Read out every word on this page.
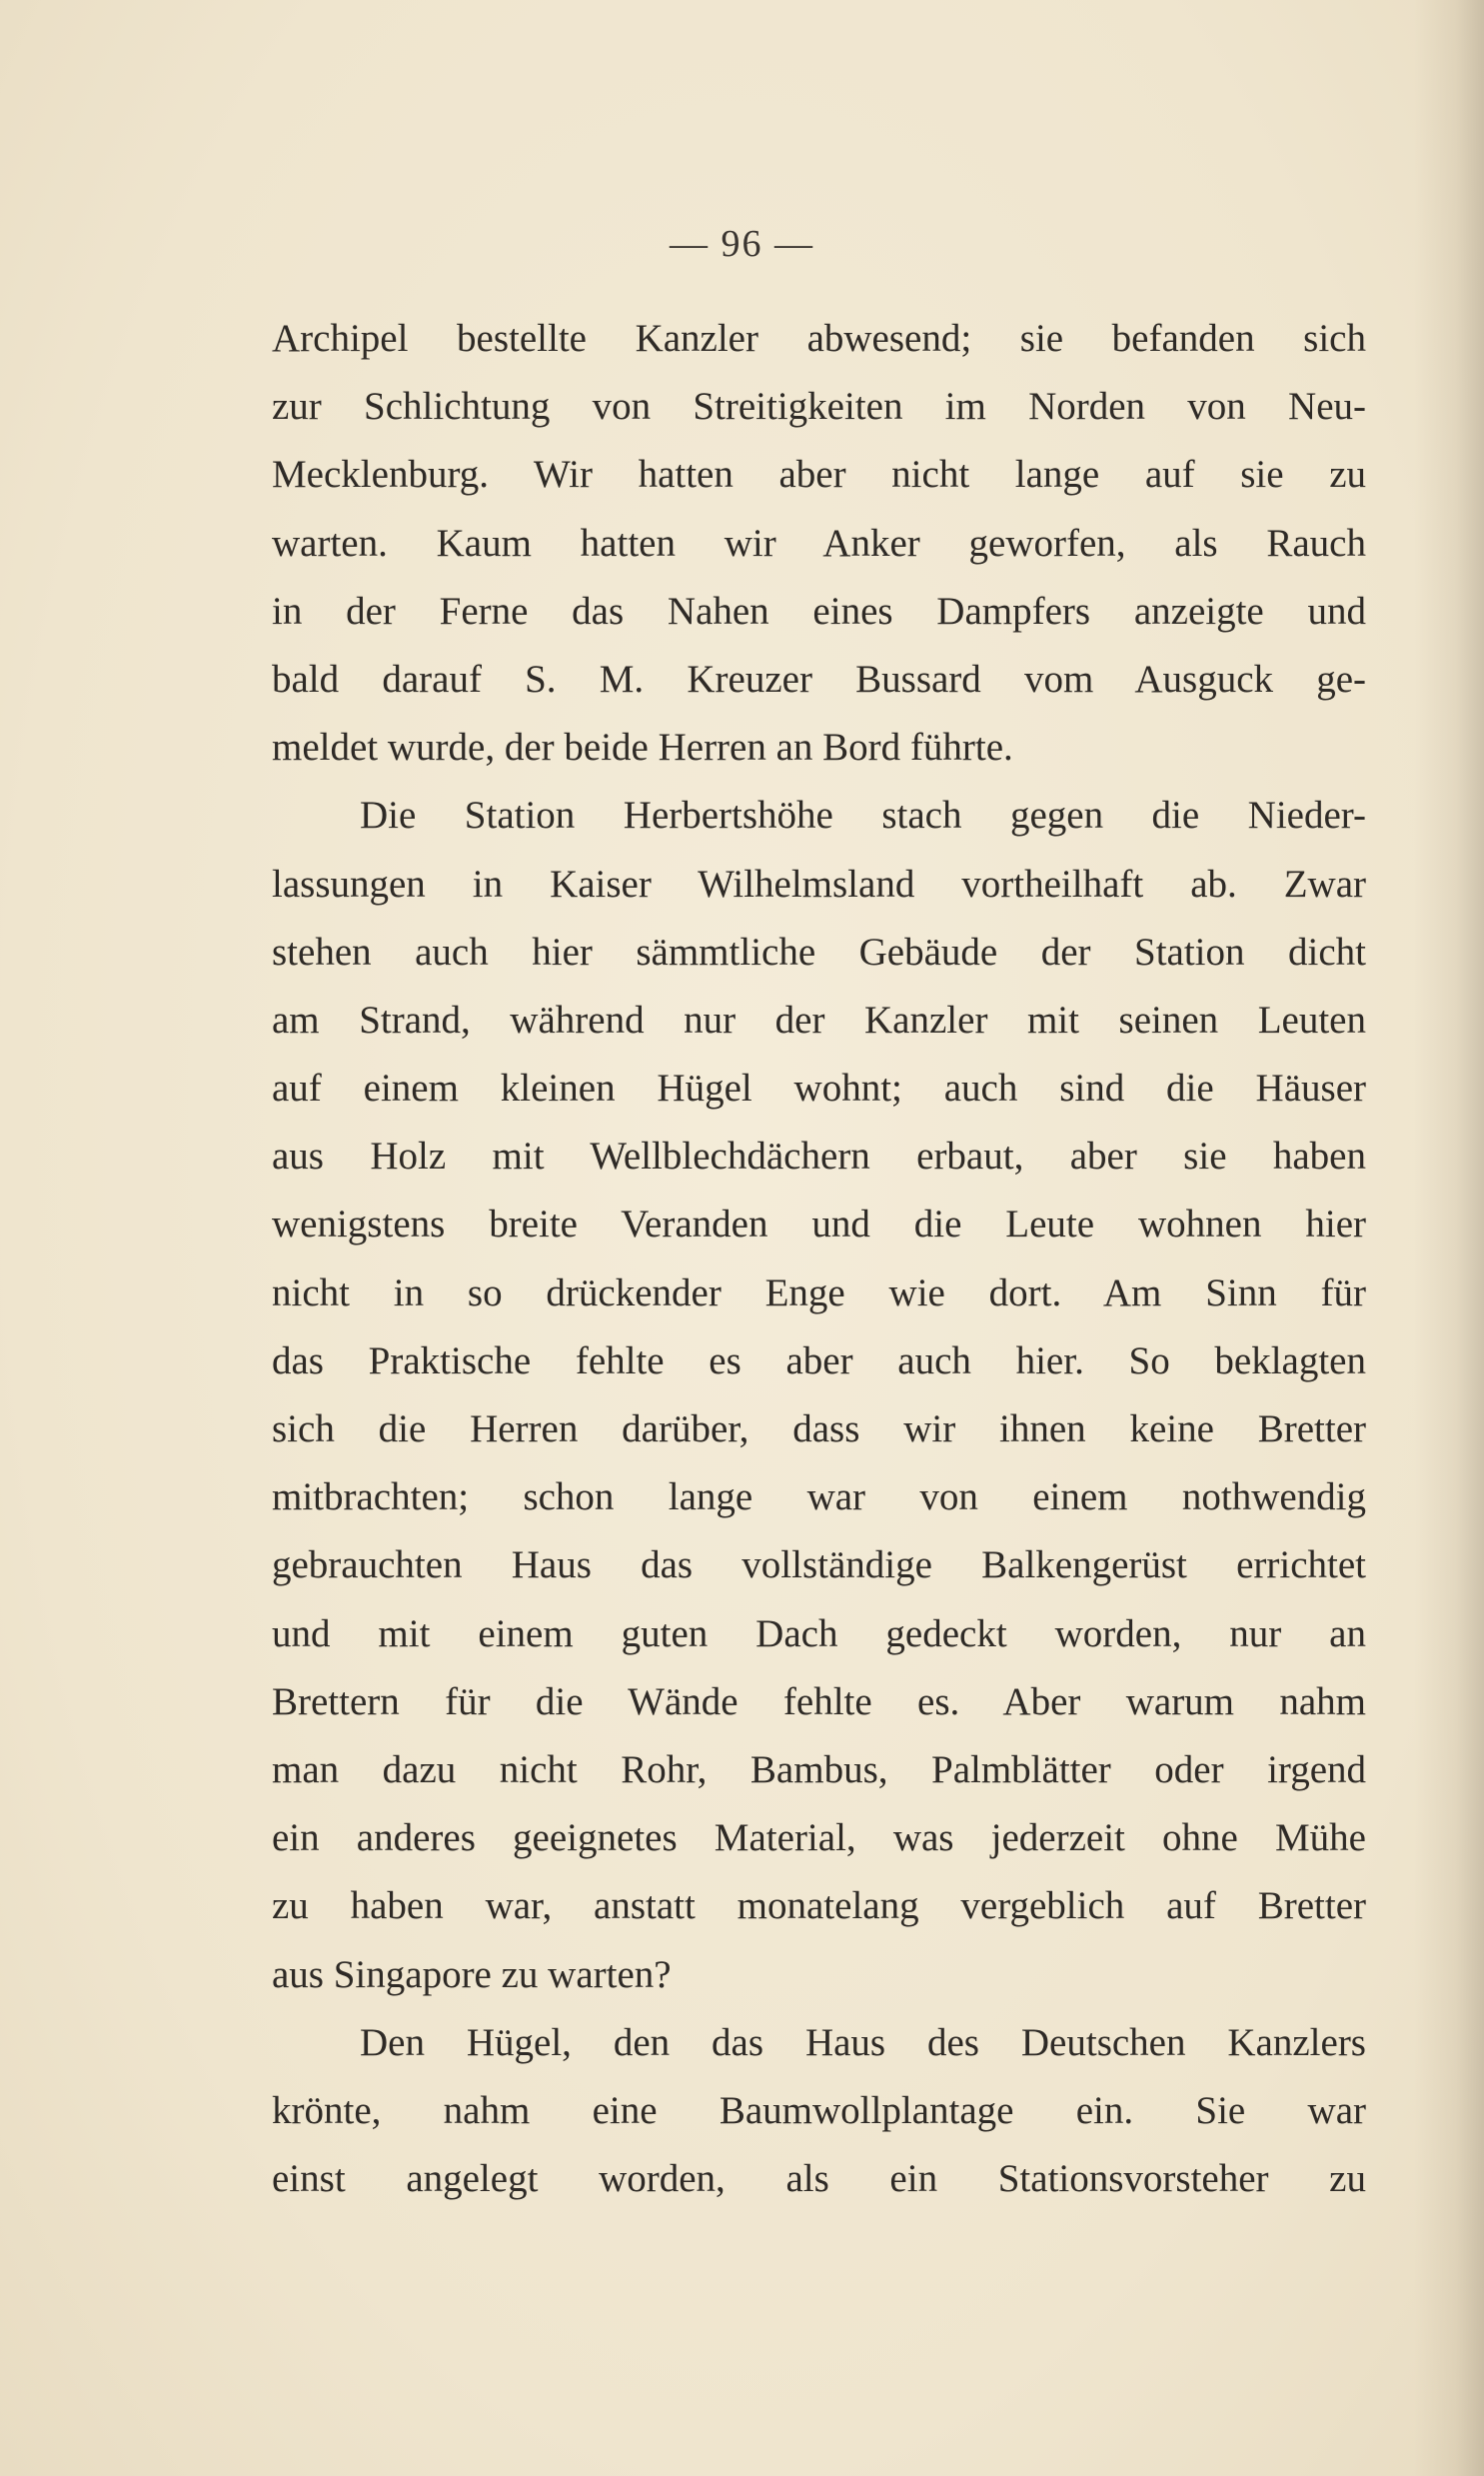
— 96 —
Archipel bestellte Kanzler abwesend; sie befanden sich
zur Schlichtung von Streitigkeiten im Norden von Neu-
Mecklenburg. Wir hatten aber nicht lange auf sie zu
warten. Kaum hatten wir Anker geworfen, als Rauch
in der Ferne das Nahen eines Dampfers anzeigte und
bald darauf S. M. Kreuzer Bussard vom Ausguck ge-
meldet wurde, der beide Herren an Bord führte.
Die Station Herbertshöhe stach gegen die Nieder-
lassungen in Kaiser Wilhelmsland vortheilhaft ab. Zwar
stehen auch hier sämmtliche Gebäude der Station dicht
am Strand, während nur der Kanzler mit seinen Leuten
auf einem kleinen Hügel wohnt; auch sind die Häuser
aus Holz mit Wellblechdächern erbaut, aber sie haben
wenigstens breite Veranden und die Leute wohnen hier
nicht in so drückender Enge wie dort. Am Sinn für
das Praktische fehlte es aber auch hier. So beklagten
sich die Herren darüber, dass wir ihnen keine Bretter
mitbrachten; schon lange war von einem nothwendig
gebrauchten Haus das vollständige Balkengerüst errichtet
und mit einem guten Dach gedeckt worden, nur an
Brettern für die Wände fehlte es. Aber warum nahm
man dazu nicht Rohr, Bambus, Palmblätter oder irgend
ein anderes geeignetes Material, was jederzeit ohne Mühe
zu haben war, anstatt monatelang vergeblich auf Bretter
aus Singapore zu warten?
Den Hügel, den das Haus des Deutschen Kanzlers
krönte, nahm eine Baumwollplantage ein. Sie war
einst angelegt worden, als ein Stationsvorsteher zu
